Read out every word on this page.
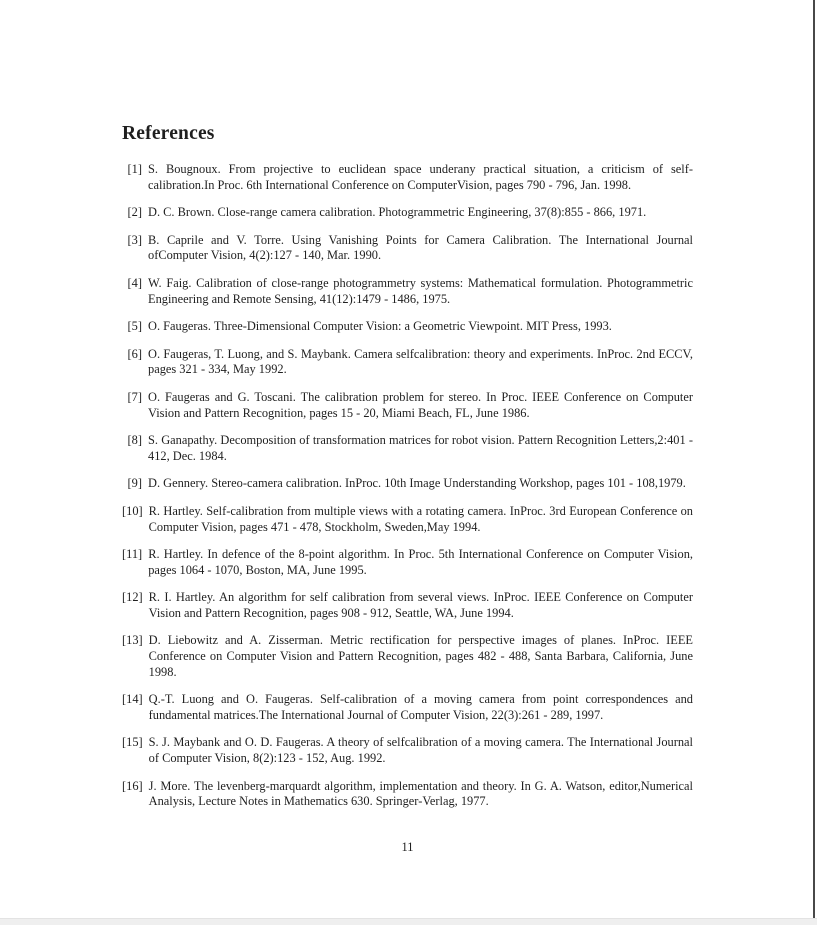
References
[1] S. Bougnoux. From projective to euclidean space underany practical situation, a criticism of self-calibration.In Proc. 6th International Conference on ComputerVision, pages 790 - 796, Jan. 1998.
[2] D. C. Brown. Close-range camera calibration. Photogrammetric Engineering, 37(8):855 - 866, 1971.
[3] B. Caprile and V. Torre. Using Vanishing Points for Camera Calibration. The International Journal ofComputer Vision, 4(2):127 - 140, Mar. 1990.
[4] W. Faig. Calibration of close-range photogrammetry systems: Mathematical formulation. Photogrammetric Engineering and Remote Sensing, 41(12):1479 - 1486, 1975.
[5] O. Faugeras. Three-Dimensional Computer Vision: a Geometric Viewpoint. MIT Press, 1993.
[6] O. Faugeras, T. Luong, and S. Maybank. Camera selfcalibration: theory and experiments. InProc. 2nd ECCV, pages 321 - 334, May 1992.
[7] O. Faugeras and G. Toscani. The calibration problem for stereo. In Proc. IEEE Conference on Computer Vision and Pattern Recognition, pages 15 - 20, Miami Beach, FL, June 1986.
[8] S. Ganapathy. Decomposition of transformation matrices for robot vision. Pattern Recognition Letters,2:401 - 412, Dec. 1984.
[9] D. Gennery. Stereo-camera calibration. InProc. 10th Image Understanding Workshop, pages 101 - 108,1979.
[10] R. Hartley. Self-calibration from multiple views with a rotating camera. InProc. 3rd European Conference on Computer Vision, pages 471 - 478, Stockholm, Sweden,May 1994.
[11] R. Hartley. In defence of the 8-point algorithm. In Proc. 5th International Conference on Computer Vision, pages 1064 - 1070, Boston, MA, June 1995.
[12] R. I. Hartley. An algorithm for self calibration from several views. InProc. IEEE Conference on Computer Vision and Pattern Recognition, pages 908 - 912, Seattle, WA, June 1994.
[13] D. Liebowitz and A. Zisserman. Metric rectification for perspective images of planes. InProc. IEEE Conference on Computer Vision and Pattern Recognition, pages 482 - 488, Santa Barbara, California, June 1998.
[14] Q.-T. Luong and O. Faugeras. Self-calibration of a moving camera from point correspondences and fundamental matrices.The International Journal of Computer Vision, 22(3):261 - 289, 1997.
[15] S. J. Maybank and O. D. Faugeras. A theory of selfcalibration of a moving camera. The International Journal of Computer Vision, 8(2):123 - 152, Aug. 1992.
[16] J. More. The levenberg-marquardt algorithm, implementation and theory. In G. A. Watson, editor,Numerical Analysis, Lecture Notes in Mathematics 630. Springer-Verlag, 1977.
11
